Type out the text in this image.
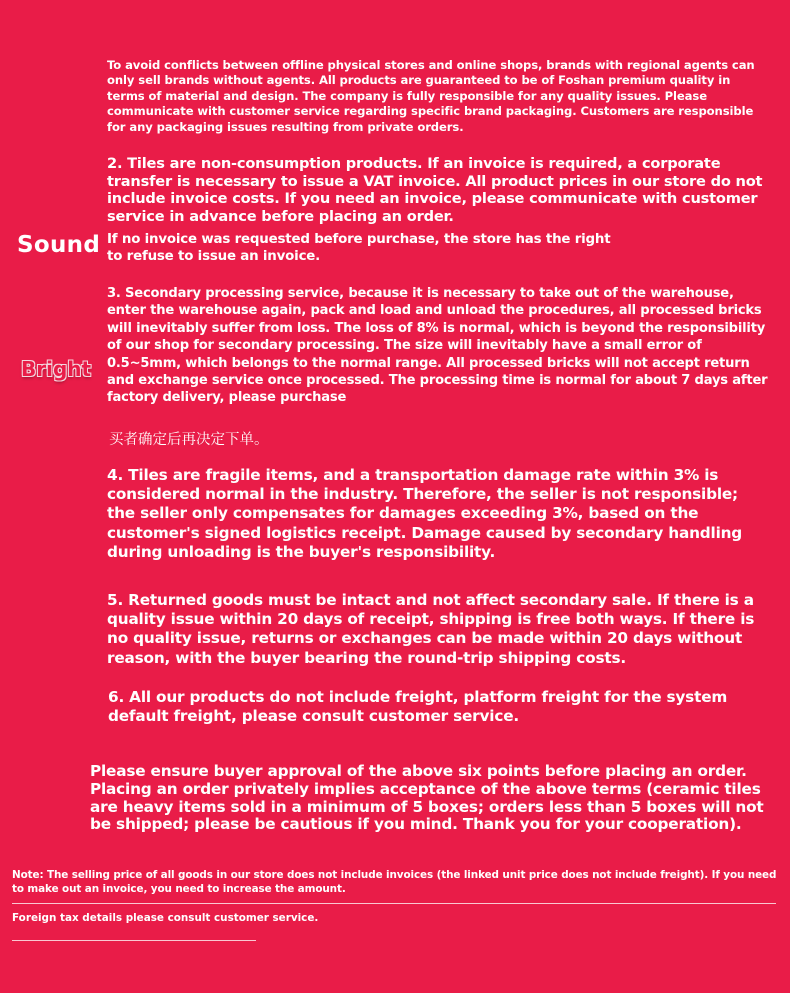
Sound
Bright

To avoid conflicts between offline physical stores and online shops, brands with regional agents can only sell brands without agents. All products are guaranteed to be of Foshan premium quality in terms of material and design. The company is fully responsible for any quality issues. Please communicate with customer service regarding specific brand packaging. Customers are responsible for any packaging issues resulting from private orders.

2. Tiles are non-consumption products. If an invoice is required, a corporate transfer is necessary to issue a VAT invoice. All product prices in our store do not include invoice costs. If you need an invoice, please communicate with customer service in advance before placing an order.

If no invoice was requested before purchase, the store has the right to refuse to issue an invoice.

3. Secondary processing service, because it is necessary to take out of the warehouse, enter the warehouse again, pack and load and unload the procedures, all processed bricks will inevitably suffer from loss. The loss of 8% is normal, which is beyond the responsibility of our shop for secondary processing. The size will inevitably have a small error of 0.5~5mm, which belongs to the normal range. All processed bricks will not accept return and exchange service once processed. The processing time is normal for about 7 days after factory delivery, please purchase

买者确定后再决定下单。

4. Tiles are fragile items, and a transportation damage rate within 3% is considered normal in the industry. Therefore, the seller is not responsible; the seller only compensates for damages exceeding 3%, based on the customer's signed logistics receipt. Damage caused by secondary handling during unloading is the buyer's responsibility.

5. Returned goods must be intact and not affect secondary sale. If there is a quality issue within 20 days of receipt, shipping is free both ways. If there is no quality issue, returns or exchanges can be made within 20 days without reason, with the buyer bearing the round-trip shipping costs.

6. All our products do not include freight, platform freight for the system default freight, please consult customer service.

Please ensure buyer approval of the above six points before placing an order. Placing an order privately implies acceptance of the above terms (ceramic tiles are heavy items sold in a minimum of 5 boxes; orders less than 5 boxes will not be shipped; please be cautious if you mind. Thank you for your cooperation).

Note: The selling price of all goods in our store does not include invoices (the linked unit price does not include freight). If you need to make out an invoice, you need to increase the amount.

Foreign tax details please consult customer service.
